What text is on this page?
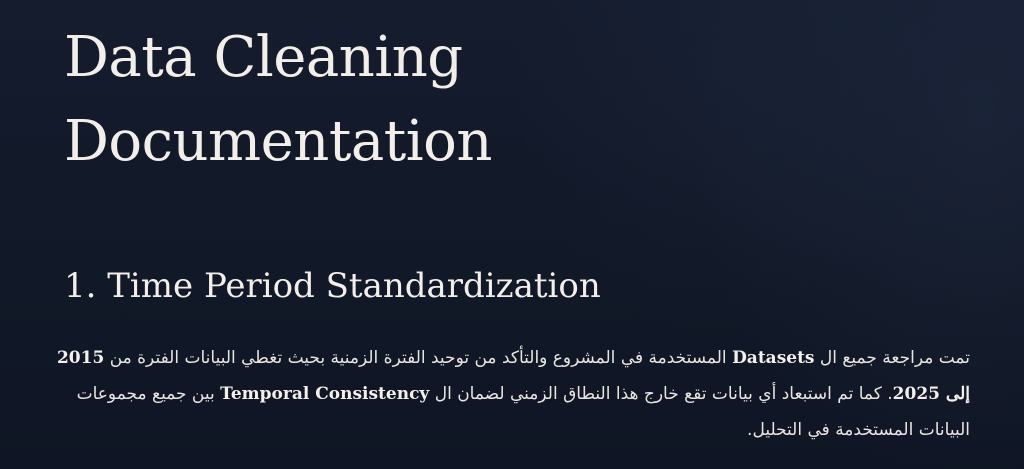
Data Cleaning
Documentation
1. Time Period Standardization

تمت مراجعة جميع ال Datasets المستخدمة في المشروع والتأكد من توحيد الفترة الزمنية بحيث تغطي البيانات الفترة من 2015 إلى 2025. كما تم استبعاد أي بيانات تقع خارج هذا النطاق الزمني لضمان ال Temporal Consistency بين جميع مجموعات البيانات المستخدمة في التحليل.
